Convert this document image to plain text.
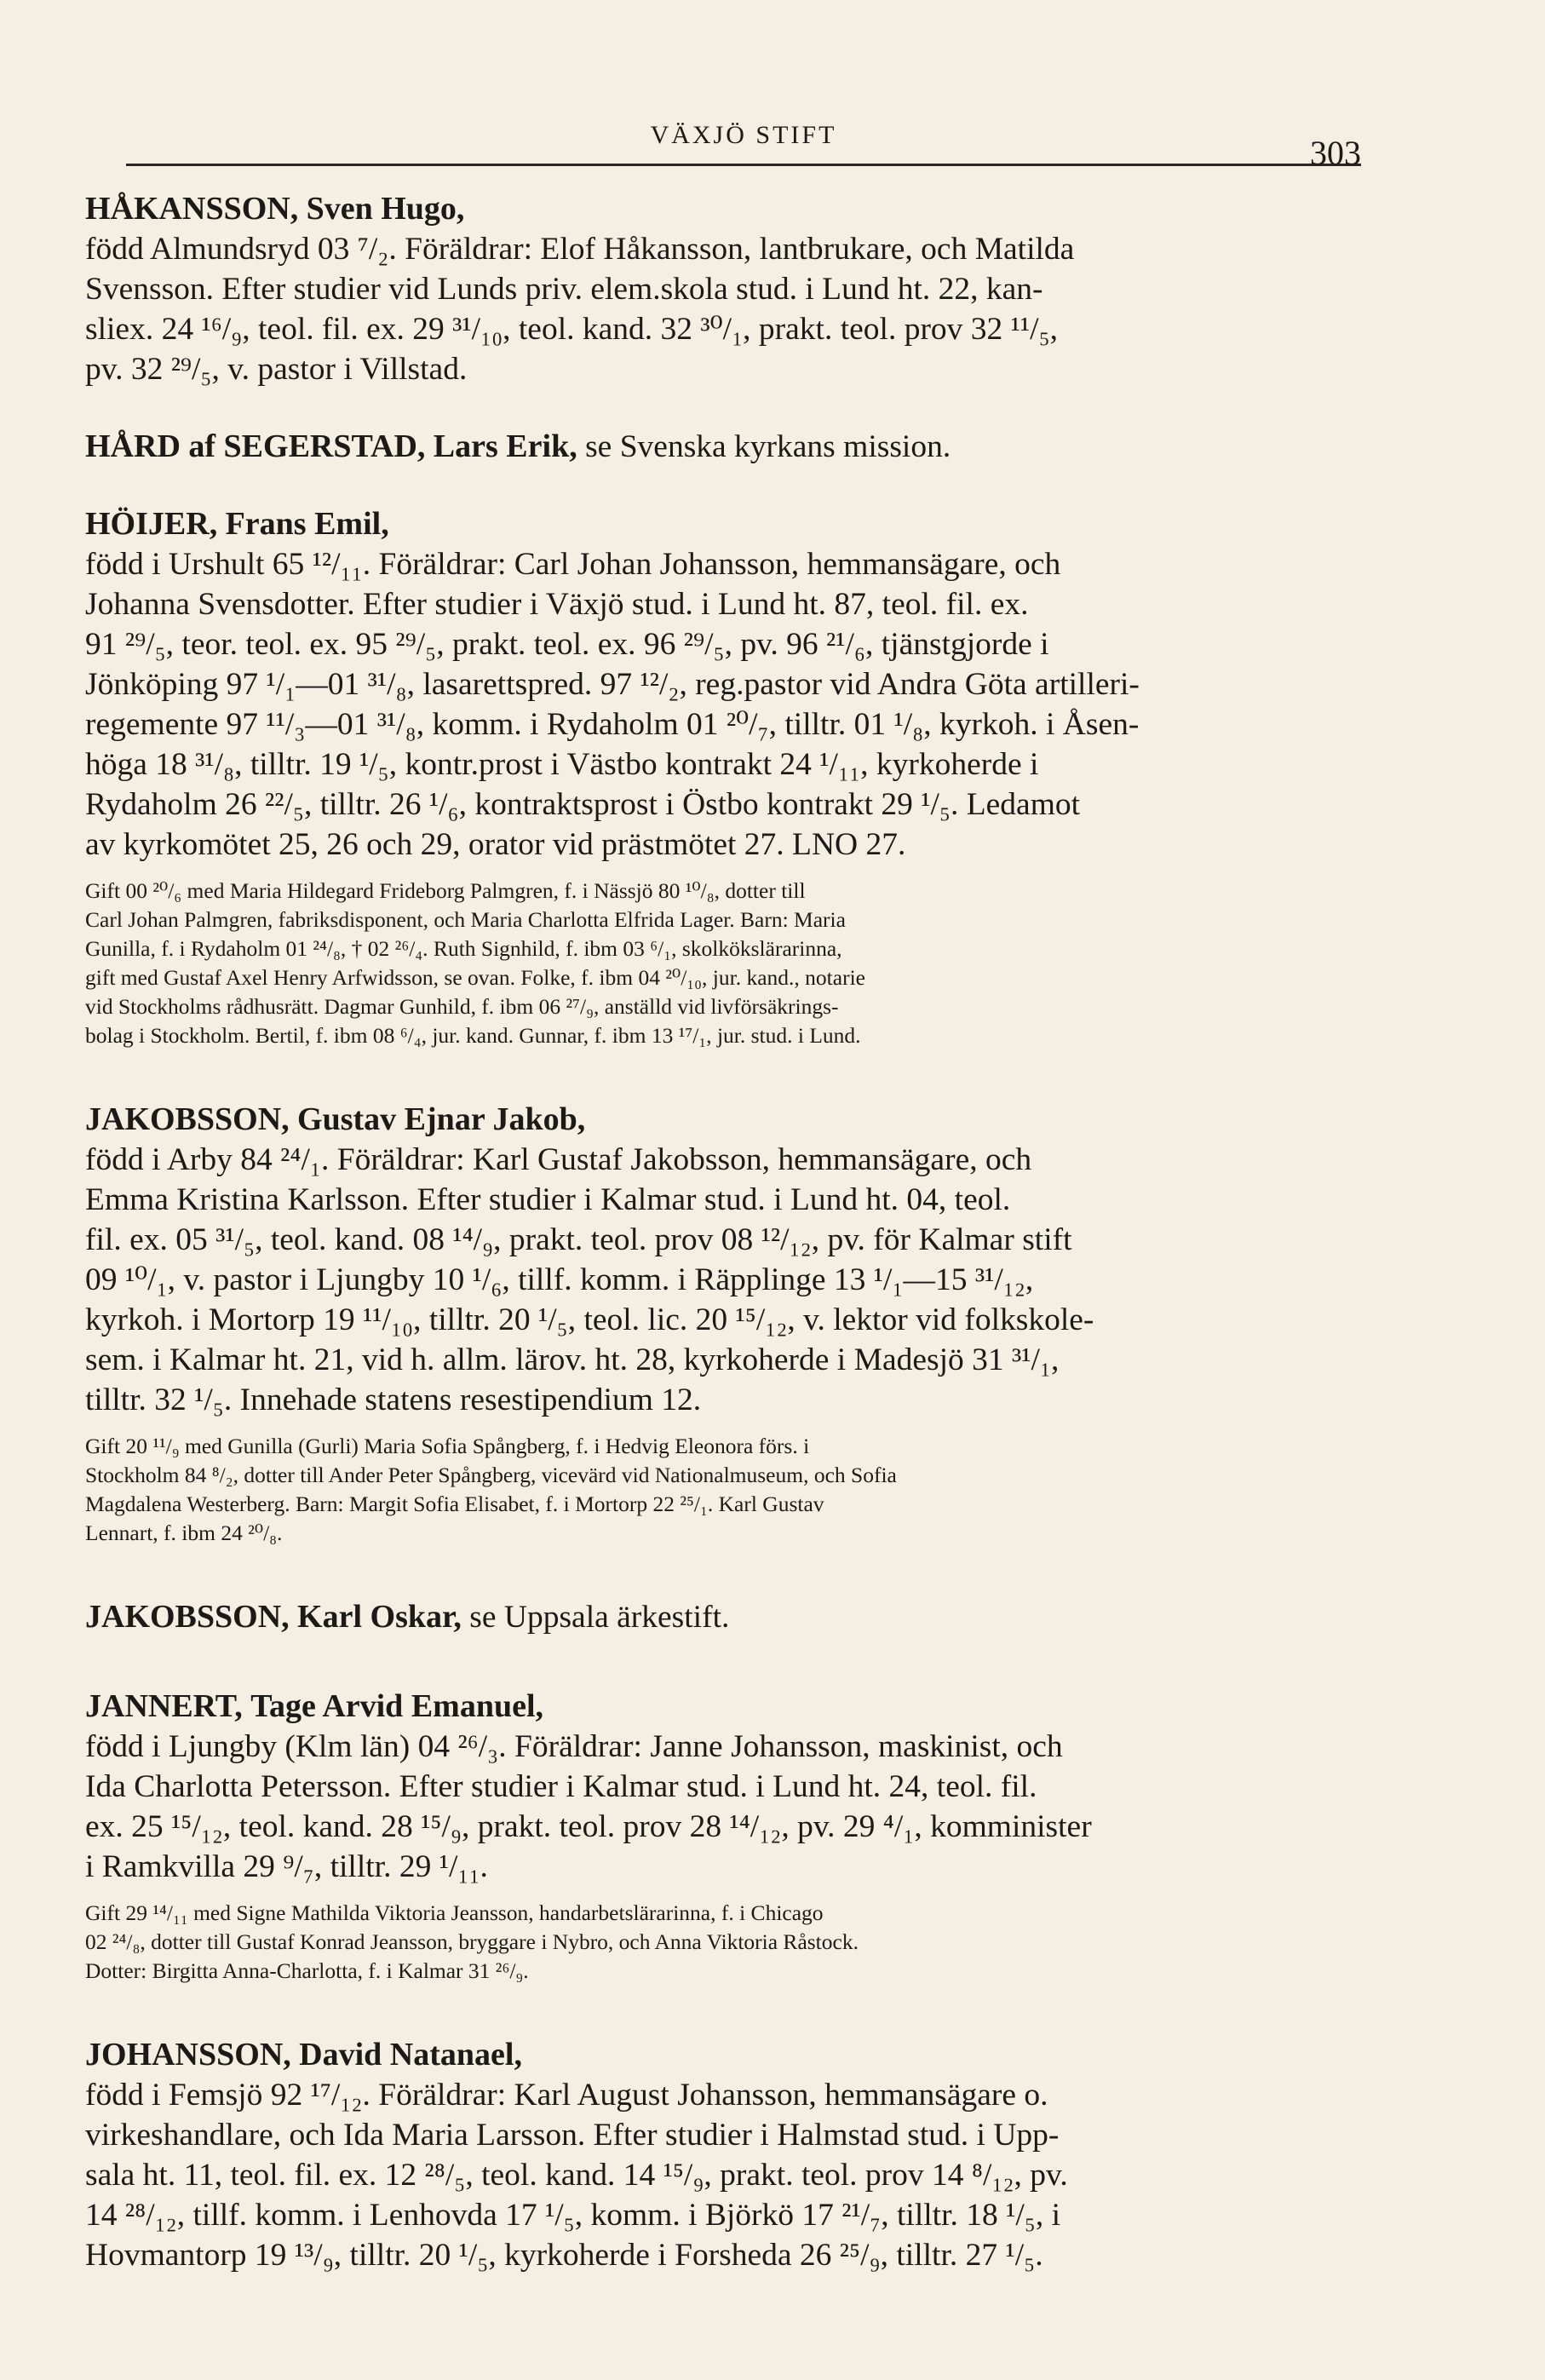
VÄXJÖ STIFT	303

HÅKANSSON, Sven Hugo,

född Almundsryd 03 ⁷/₂. Föräldrar: Elof Håkansson, lantbrukare, och Matilda

Svensson. Efter studier vid Lunds priv. elem.skola stud. i Lund ht. 22, kan-

sliex. 24 ¹⁶/₉, teol. fil. ex. 29 ³¹/₁₀, teol. kand. 32 ³⁰/₁, prakt. teol. prov 32 ¹¹/₅,

pv. 32 ²⁹/₅, v. pastor i Villstad.

HÅRD af SEGERSTAD, Lars Erik, se Svenska kyrkans mission.

HÖIJER, Frans Emil,

född i Urshult 65 ¹²/₁₁. Föräldrar: Carl Johan Johansson, hemmansägare, och

Johanna Svensdotter. Efter studier i Växjö stud. i Lund ht. 87, teol. fil. ex.

91 ²⁹/₅, teor. teol. ex. 95 ²⁹/₅, prakt. teol. ex. 96 ²⁹/₅, pv. 96 ²¹/₆, tjänstgjorde i

Jönköping 97 ¹/₁—01 ³¹/₈, lasarettspred. 97 ¹²/₂, reg.pastor vid Andra Göta artilleri-

regemente 97 ¹¹/₃—01 ³¹/₈, komm. i Rydaholm 01 ²⁰/₇, tilltr. 01 ¹/₈, kyrkoh. i Åsen-

höga 18 ³¹/₈, tilltr. 19 ¹/₅, kontr.prost i Västbo kontrakt 24 ¹/₁₁, kyrkoherde i

Rydaholm 26 ²²/₅, tilltr. 26 ¹/₆, kontraktsprost i Östbo kontrakt 29 ¹/₅. Ledamot

av kyrkomötet 25, 26 och 29, orator vid prästmötet 27. LNO 27.

Gift 00 ²⁰/₆ med Maria Hildegard Frideborg Palmgren, f. i Nässjö 80 ¹⁰/₈, dotter till

Carl Johan Palmgren, fabriksdisponent, och Maria Charlotta Elfrida Lager. Barn: Maria

Gunilla, f. i Rydaholm 01 ²⁴/₈, † 02 ²⁶/₄. Ruth Signhild, f. ibm 03 ⁶/₁, skolkökslärarinna,

gift med Gustaf Axel Henry Arfwidsson, se ovan. Folke, f. ibm 04 ²⁰/₁₀, jur. kand., notarie

vid Stockholms rådhusrätt. Dagmar Gunhild, f. ibm 06 ²⁷/₉, anställd vid livförsäkrings-

bolag i Stockholm. Bertil, f. ibm 08 ⁶/₄, jur. kand. Gunnar, f. ibm 13 ¹⁷/₁, jur. stud. i Lund.

JAKOBSSON, Gustav Ejnar Jakob,

född i Arby 84 ²⁴/₁. Föräldrar: Karl Gustaf Jakobsson, hemmansägare, och

Emma Kristina Karlsson. Efter studier i Kalmar stud. i Lund ht. 04, teol.

fil. ex. 05 ³¹/₅, teol. kand. 08 ¹⁴/₉, prakt. teol. prov 08 ¹²/₁₂, pv. för Kalmar stift

09 ¹⁰/₁, v. pastor i Ljungby 10 ¹/₆, tillf. komm. i Räpplinge 13 ¹/₁—15 ³¹/₁₂,

kyrkoh. i Mortorp 19 ¹¹/₁₀, tilltr. 20 ¹/₅, teol. lic. 20 ¹⁵/₁₂, v. lektor vid folkskole-

sem. i Kalmar ht. 21, vid h. allm. lärov. ht. 28, kyrkoherde i Madesjö 31 ³¹/₁,

tilltr. 32 ¹/₅. Innehade statens resestipendium 12.

Gift 20 ¹¹/₉ med Gunilla (Gurli) Maria Sofia Spångberg, f. i Hedvig Eleonora förs. i

Stockholm 84 ⁸/₂, dotter till Ander Peter Spångberg, vicevärd vid Nationalmuseum, och Sofia

Magdalena Westerberg. Barn: Margit Sofia Elisabet, f. i Mortorp 22 ²⁵/₁. Karl Gustav

Lennart, f. ibm 24 ²⁰/₈.

JAKOBSSON, Karl Oskar, se Uppsala ärkestift.

JANNERT, Tage Arvid Emanuel,

född i Ljungby (Klm län) 04 ²⁶/₃. Föräldrar: Janne Johansson, maskinist, och

Ida Charlotta Petersson. Efter studier i Kalmar stud. i Lund ht. 24, teol. fil.

ex. 25 ¹⁵/₁₂, teol. kand. 28 ¹⁵/₉, prakt. teol. prov 28 ¹⁴/₁₂, pv. 29 ⁴/₁, komminister

i Ramkvilla 29 ⁹/₇, tilltr. 29 ¹/₁₁.

Gift 29 ¹⁴/₁₁ med Signe Mathilda Viktoria Jeansson, handarbetslärarinna, f. i Chicago

02 ²⁴/₈, dotter till Gustaf Konrad Jeansson, bryggare i Nybro, och Anna Viktoria Råstock.

Dotter: Birgitta Anna-Charlotta, f. i Kalmar 31 ²⁶/₉.

JOHANSSON, David Natanael,

född i Femsjö 92 ¹⁷/₁₂. Föräldrar: Karl August Johansson, hemmansägare o.

virkeshandlare, och Ida Maria Larsson. Efter studier i Halmstad stud. i Upp-

sala ht. 11, teol. fil. ex. 12 ²⁸/₅, teol. kand. 14 ¹⁵/₉, prakt. teol. prov 14 ⁸/₁₂, pv.

14 ²⁸/₁₂, tillf. komm. i Lenhovda 17 ¹/₅, komm. i Björkö 17 ²¹/₇, tilltr. 18 ¹/₅, i

Hovmantorp 19 ¹³/₉, tilltr. 20 ¹/₅, kyrkoherde i Forsheda 26 ²⁵/₉, tilltr. 27 ¹/₅.
